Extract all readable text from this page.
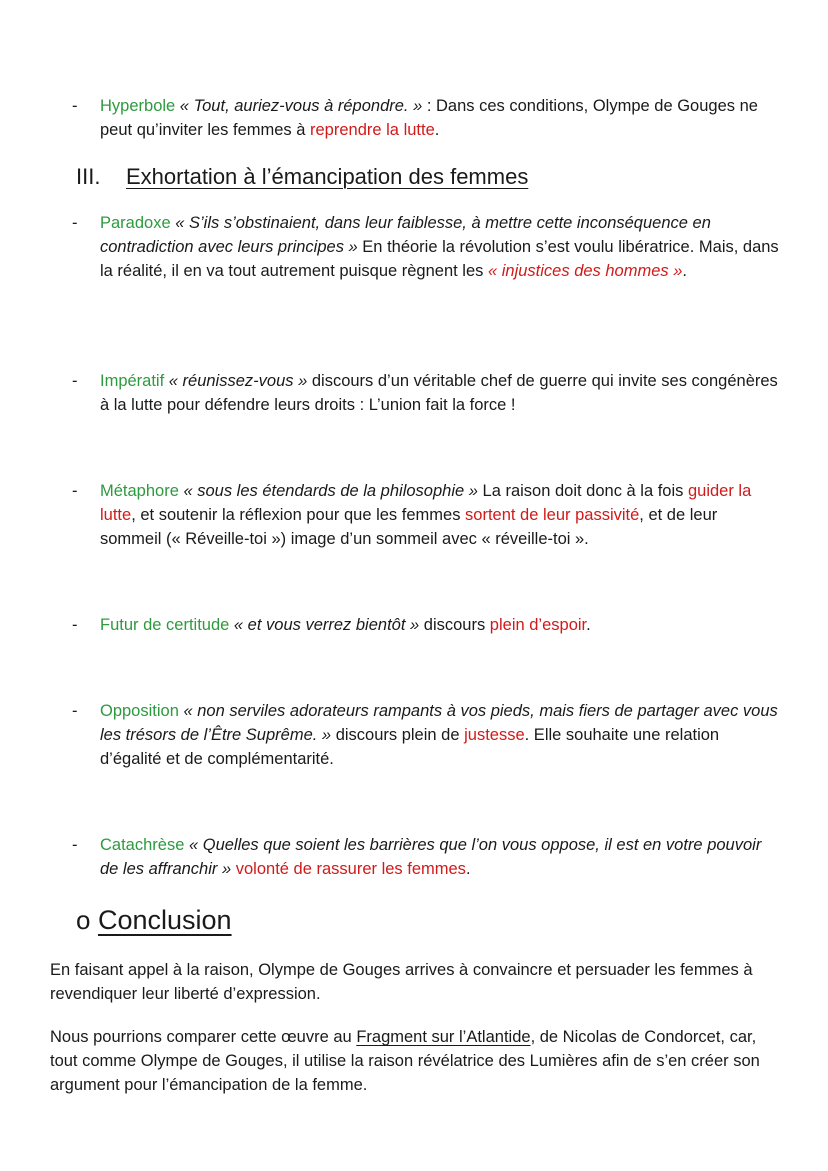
- Hyperbole « Tout, auriez-vous à répondre. » : Dans ces conditions, Olympe de Gouges ne peut qu’inviter les femmes à reprendre la lutte.
III. Exhortation à l’émancipation des femmes
- Paradoxe « S’ils s’obstinaient, dans leur faiblesse, à mettre cette inconséquence en contradiction avec leurs principes » En théorie la révolution s’est voulu libératrice. Mais, dans la réalité, il en va tout autrement puisque règnent les « injustices des hommes ».
- Impératif « réunissez-vous » discours d’un véritable chef de guerre qui invite ses congénères à la lutte pour défendre leurs droits : L’union fait la force !
- Métaphore « sous les étendards de la philosophie » La raison doit donc à la fois guider la lutte, et soutenir la réflexion pour que les femmes sortent de leur passivité, et de leur sommeil (« Réveille-toi ») image d’un sommeil avec « réveille-toi ».
- Futur de certitude « et vous verrez bientôt » discours plein d’espoir.
- Opposition « non serviles adorateurs rampants à vos pieds, mais fiers de partager avec vous les trésors de l’Être Suprême. » discours plein de justesse. Elle souhaite une relation d’égalité et de complémentarité.
- Catachrèse « Quelles que soient les barrières que l’on vous oppose, il est en votre pouvoir de les affranchir » volonté de rassurer les femmes.
o Conclusion
En faisant appel à la raison, Olympe de Gouges arrives à convaincre et persuader les femmes à revendiquer leur liberté d’expression.
Nous pourrions comparer cette œuvre au Fragment sur l’Atlantide, de Nicolas de Condorcet, car, tout comme Olympe de Gouges, il utilise la raison révélatrice des Lumières afin de s’en créer son argument pour l’émancipation de la femme.
